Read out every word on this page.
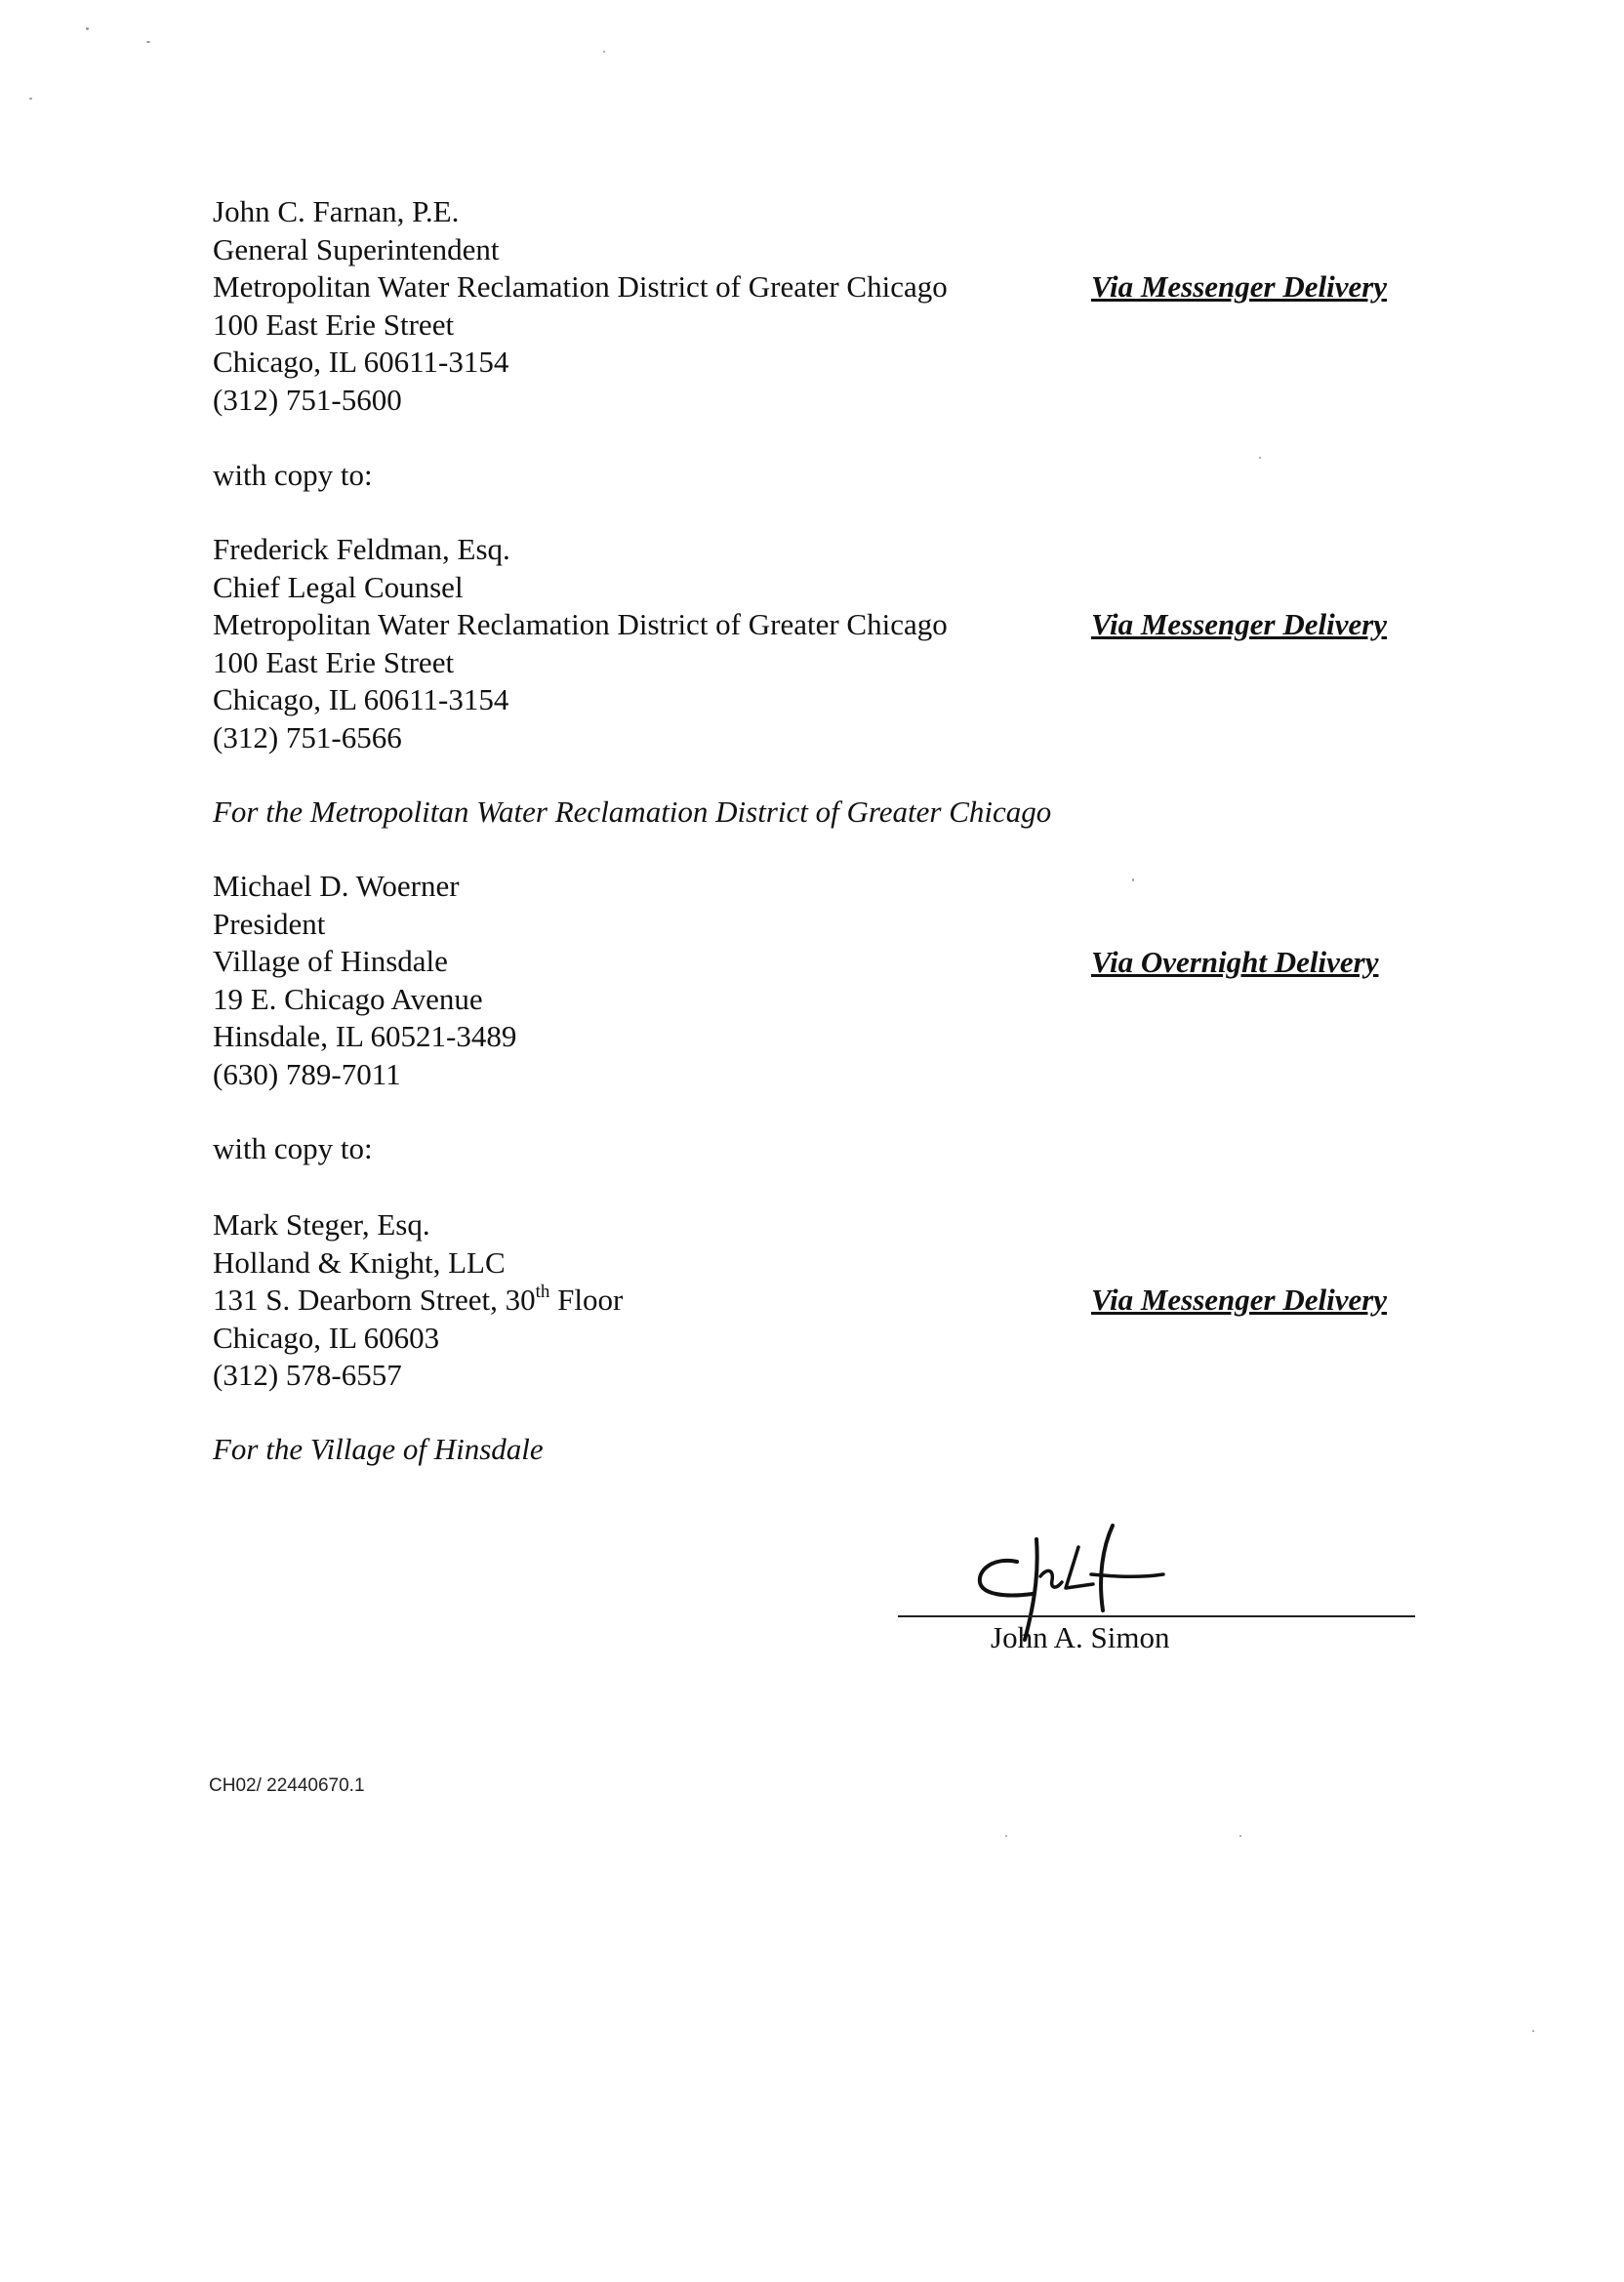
John C. Farnan, P.E.
General Superintendent
Metropolitan Water Reclamation District of Greater Chicago
100 East Erie Street
Chicago, IL 60611-3154
(312) 751-5600
Via Messenger Delivery
with copy to:
Frederick Feldman, Esq.
Chief Legal Counsel
Metropolitan Water Reclamation District of Greater Chicago
100 East Erie Street
Chicago, IL 60611-3154
(312) 751-6566
Via Messenger Delivery
For the Metropolitan Water Reclamation District of Greater Chicago
Michael D. Woerner
President
Village of Hinsdale
19 E. Chicago Avenue
Hinsdale, IL 60521-3489
(630) 789-7011
Via Overnight Delivery
with copy to:
Mark Steger, Esq.
Holland & Knight, LLC
131 S. Dearborn Street, 30th Floor
Chicago, IL 60603
(312) 578-6557
Via Messenger Delivery
For the Village of Hinsdale
John A. Simon
CH02/ 22440670.1
